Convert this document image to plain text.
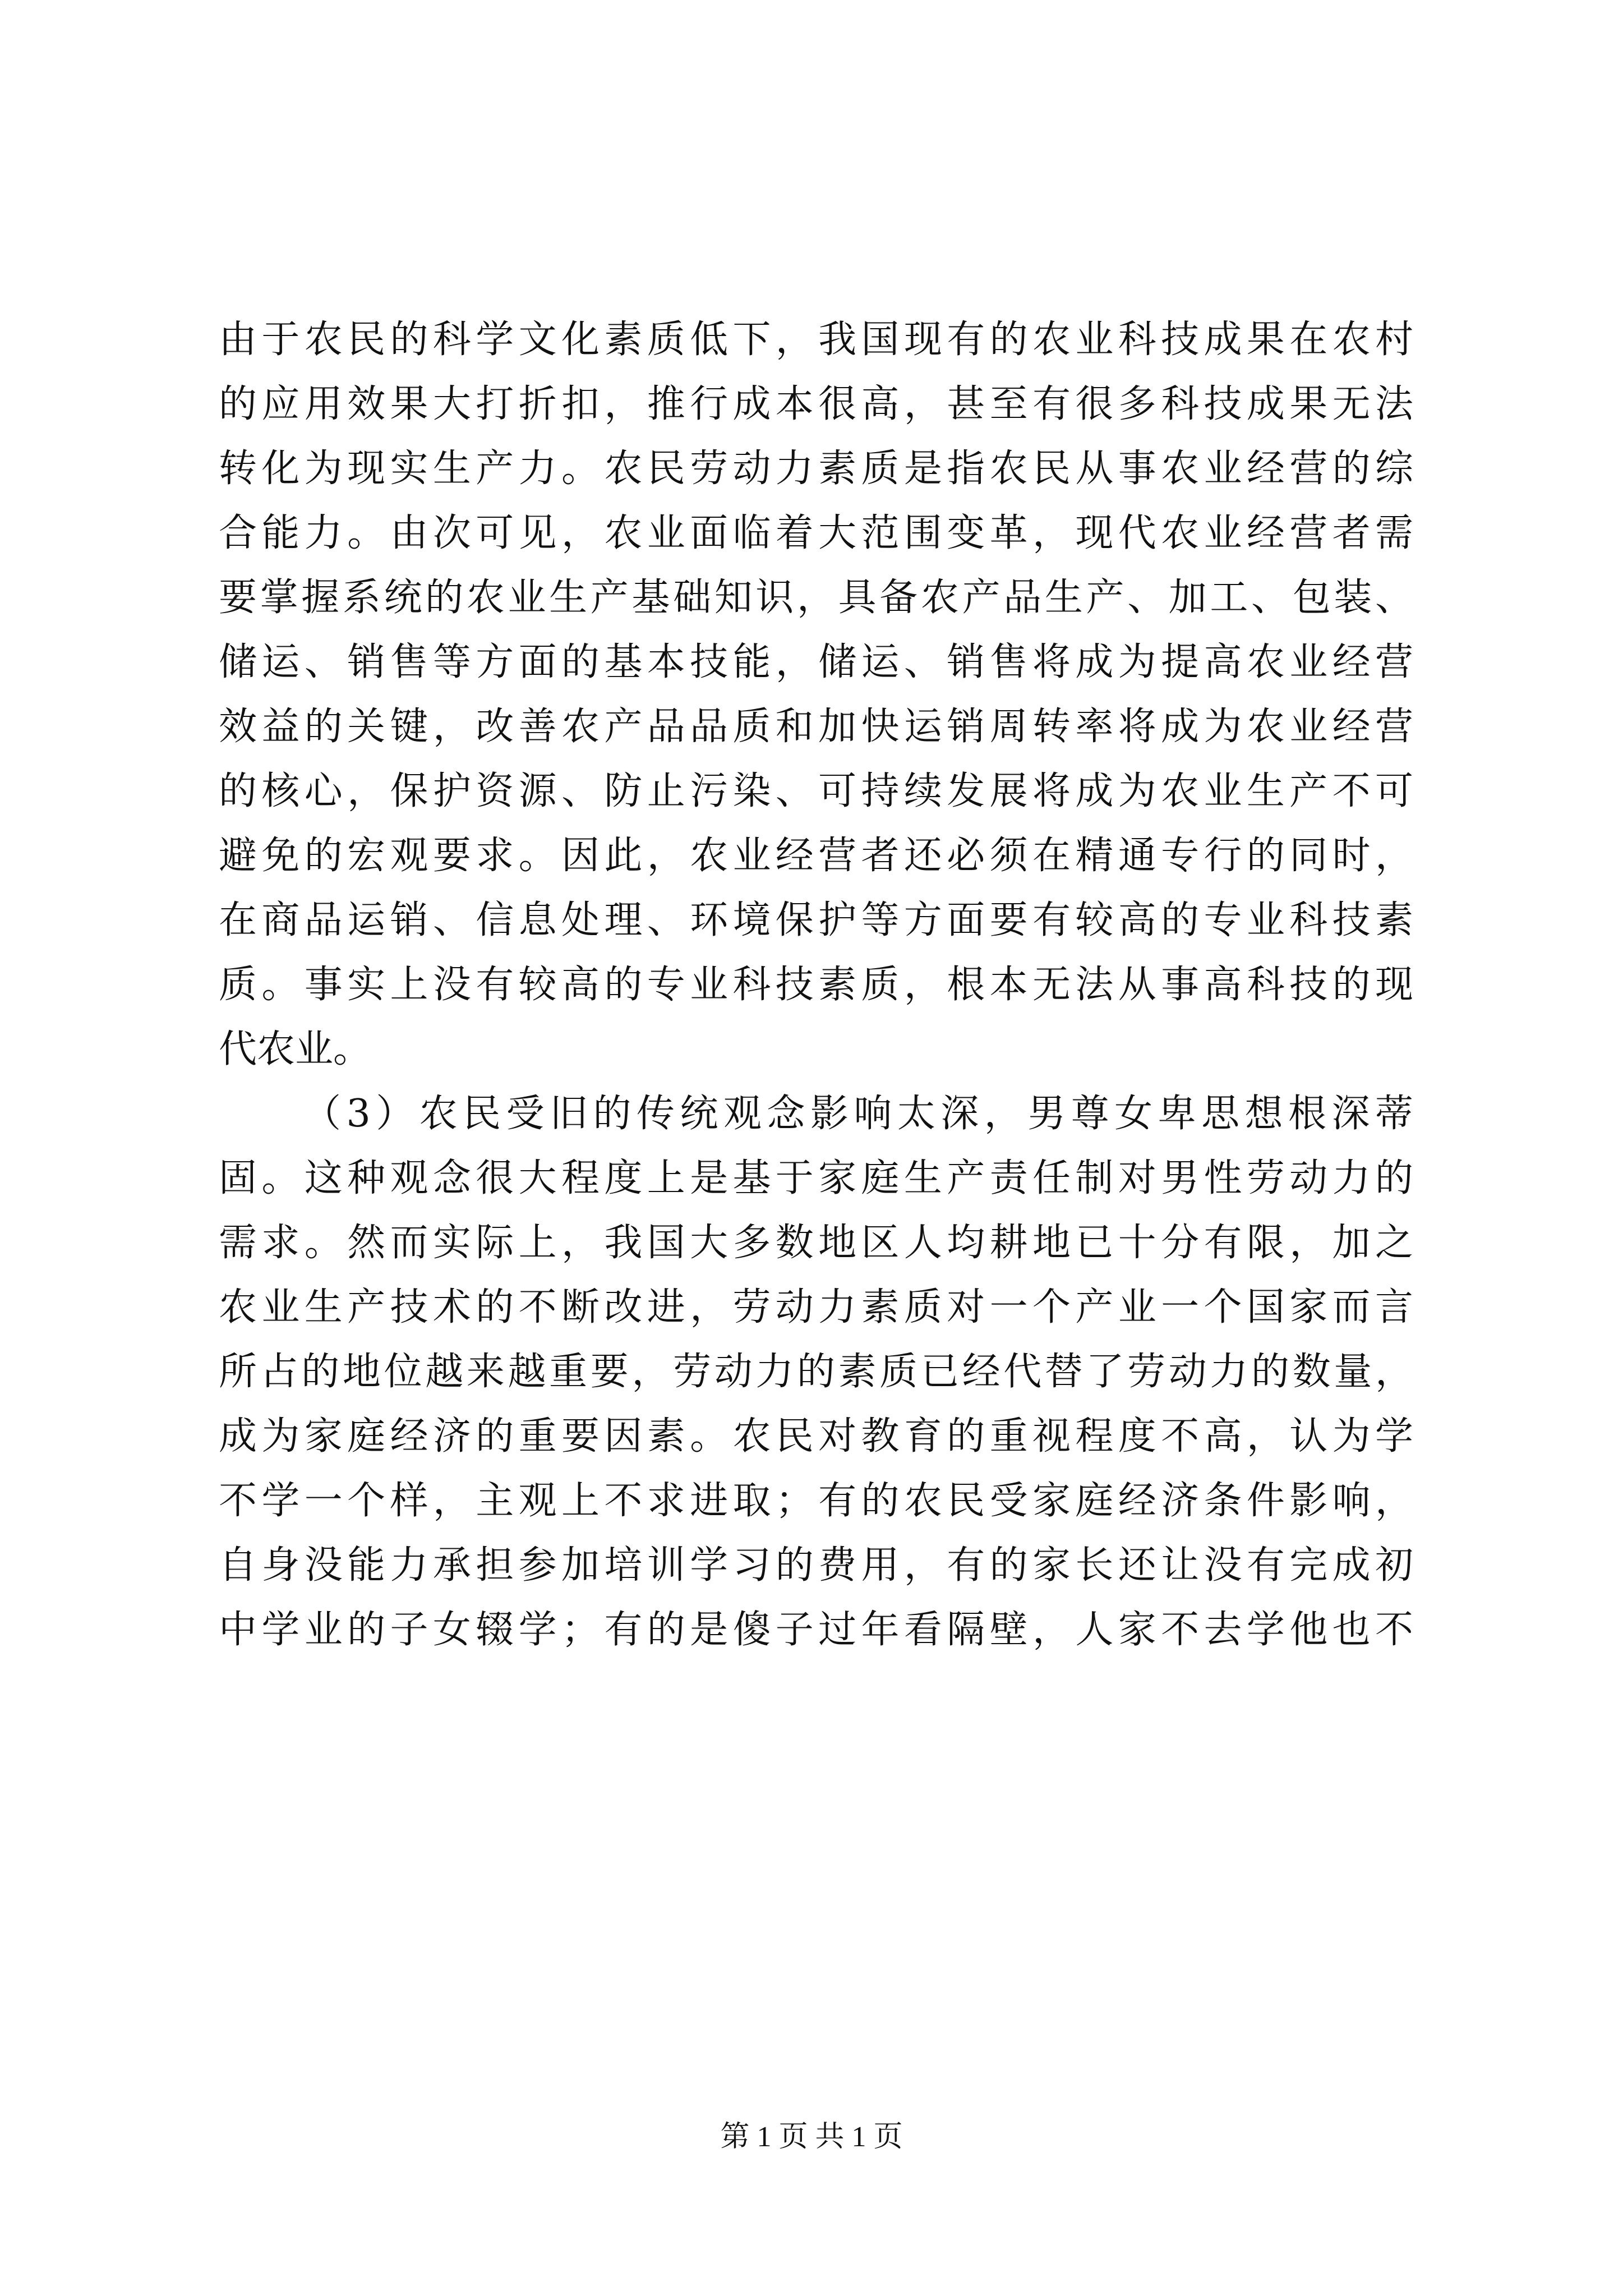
由于农民的科学文化素质低下，我国现有的农业科技成果在农村
的应用效果大打折扣，推行成本很高，甚至有很多科技成果无法
转化为现实生产力。农民劳动力素质是指农民从事农业经营的综
合能力。由次可见，农业面临着大范围变革，现代农业经营者需
要掌握系统的农业生产基础知识，具备农产品生产、加工、包装、
储运、销售等方面的基本技能，储运、销售将成为提高农业经营
效益的关键，改善农产品品质和加快运销周转率将成为农业经营
的核心，保护资源、防止污染、可持续发展将成为农业生产不可
避免的宏观要求。因此，农业经营者还必须在精通专行的同时，
在商品运销、信息处理、环境保护等方面要有较高的专业科技素
质。事实上没有较高的专业科技素质，根本无法从事高科技的现
代农业。
（3）农民受旧的传统观念影响太深，男尊女卑思想根深蒂
固。这种观念很大程度上是基于家庭生产责任制对男性劳动力的
需求。然而实际上，我国大多数地区人均耕地已十分有限，加之
农业生产技术的不断改进，劳动力素质对一个产业一个国家而言
所占的地位越来越重要，劳动力的素质已经代替了劳动力的数量，
成为家庭经济的重要因素。农民对教育的重视程度不高，认为学
不学一个样，主观上不求进取；有的农民受家庭经济条件影响，
自身没能力承担参加培训学习的费用，有的家长还让没有完成初
中学业的子女辍学；有的是傻子过年看隔壁，人家不去学他也不
第 1 页 共 1 页
